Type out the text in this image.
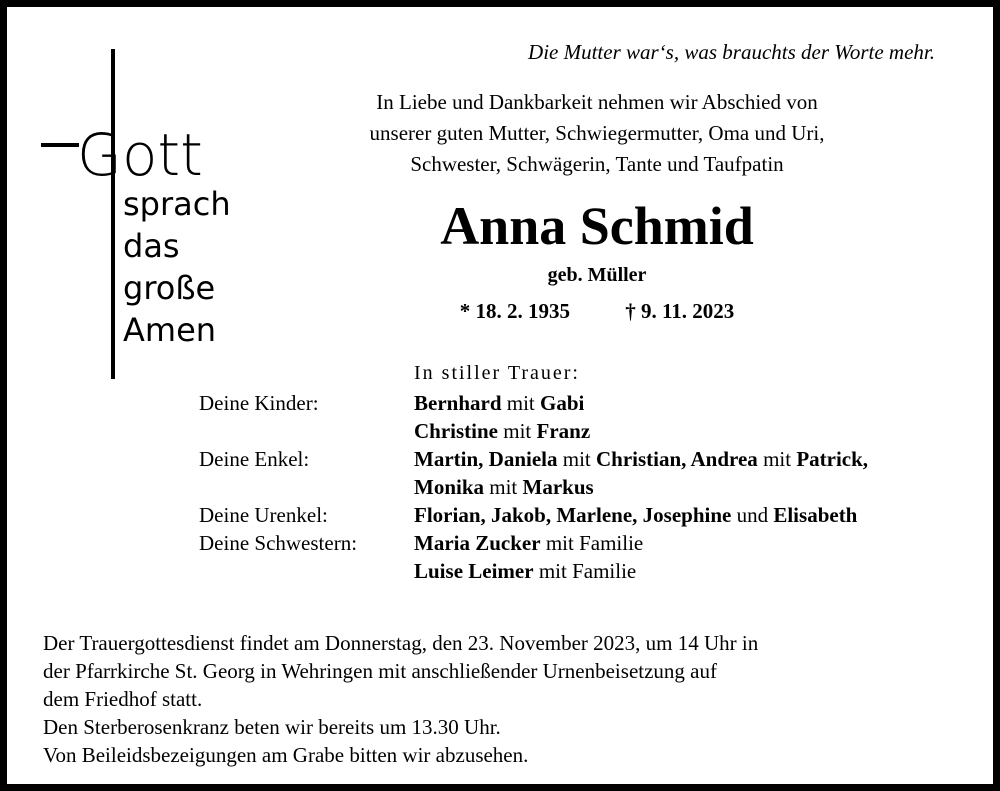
Gott
sprach
das
große
Amen
Die Mutter war‘s, was brauchts der Worte mehr.
In Liebe und Dankbarkeit nehmen wir Abschied von
unserer guten Mutter, Schwiegermutter, Oma und Uri,
Schwester, Schwägerin, Tante und Taufpatin
Anna Schmid
geb. Müller
* 18. 2. 1935	† 9. 11. 2023
In stiller Trauer:
Deine Kinder:	Bernhard mit Gabi
Christine mit Franz
Deine Enkel:	Martin, Daniela mit Christian, Andrea mit Patrick,
Monika mit Markus
Deine Urenkel:	Florian, Jakob, Marlene, Josephine und Elisabeth
Deine Schwestern:	Maria Zucker mit Familie
Luise Leimer mit Familie
Der Trauergottesdienst findet am Donnerstag, den 23. November 2023, um 14 Uhr in
der Pfarrkirche St. Georg in Wehringen mit anschließender Urnenbeisetzung auf
dem Friedhof statt.
Den Sterberosenkranz beten wir bereits um 13.30 Uhr.
Von Beileidsbezeigungen am Grabe bitten wir abzusehen.
